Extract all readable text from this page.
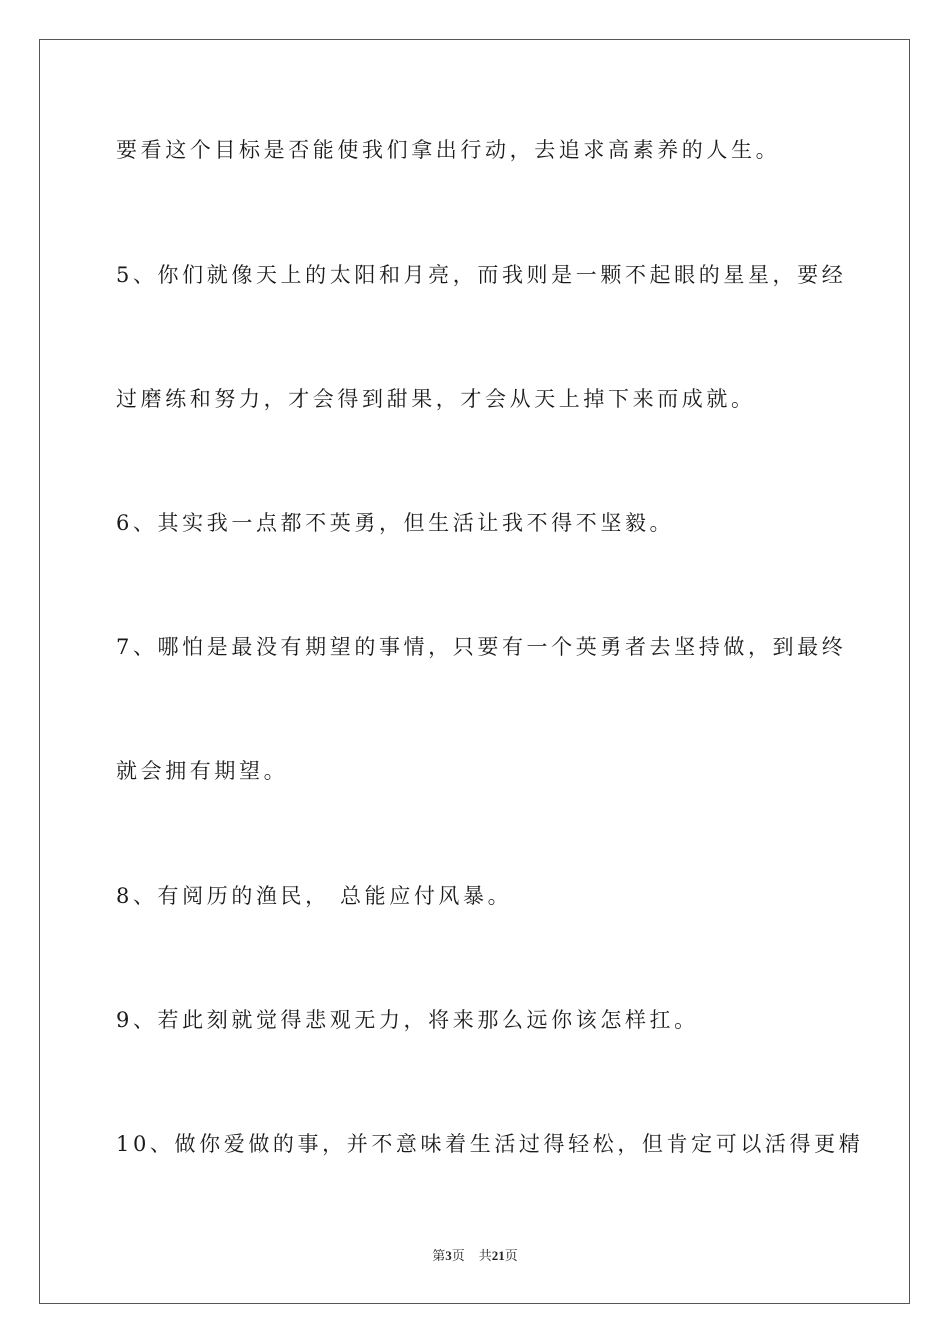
要看这个目标是否能使我们拿出行动，去追求高素养的人生。
5、你们就像天上的太阳和月亮，而我则是一颗不起眼的星星，要经
过磨练和努力，才会得到甜果，才会从天上掉下来而成就。
6、其实我一点都不英勇，但生活让我不得不坚毅。
7、哪怕是最没有期望的事情，只要有一个英勇者去坚持做，到最终
就会拥有期望。
8、有阅历的渔民， 总能应付风暴。
9、若此刻就觉得悲观无力，将来那么远你该怎样扛。
10、做你爱做的事，并不意味着生活过得轻松，但肯定可以活得更精
第3页 共21页
